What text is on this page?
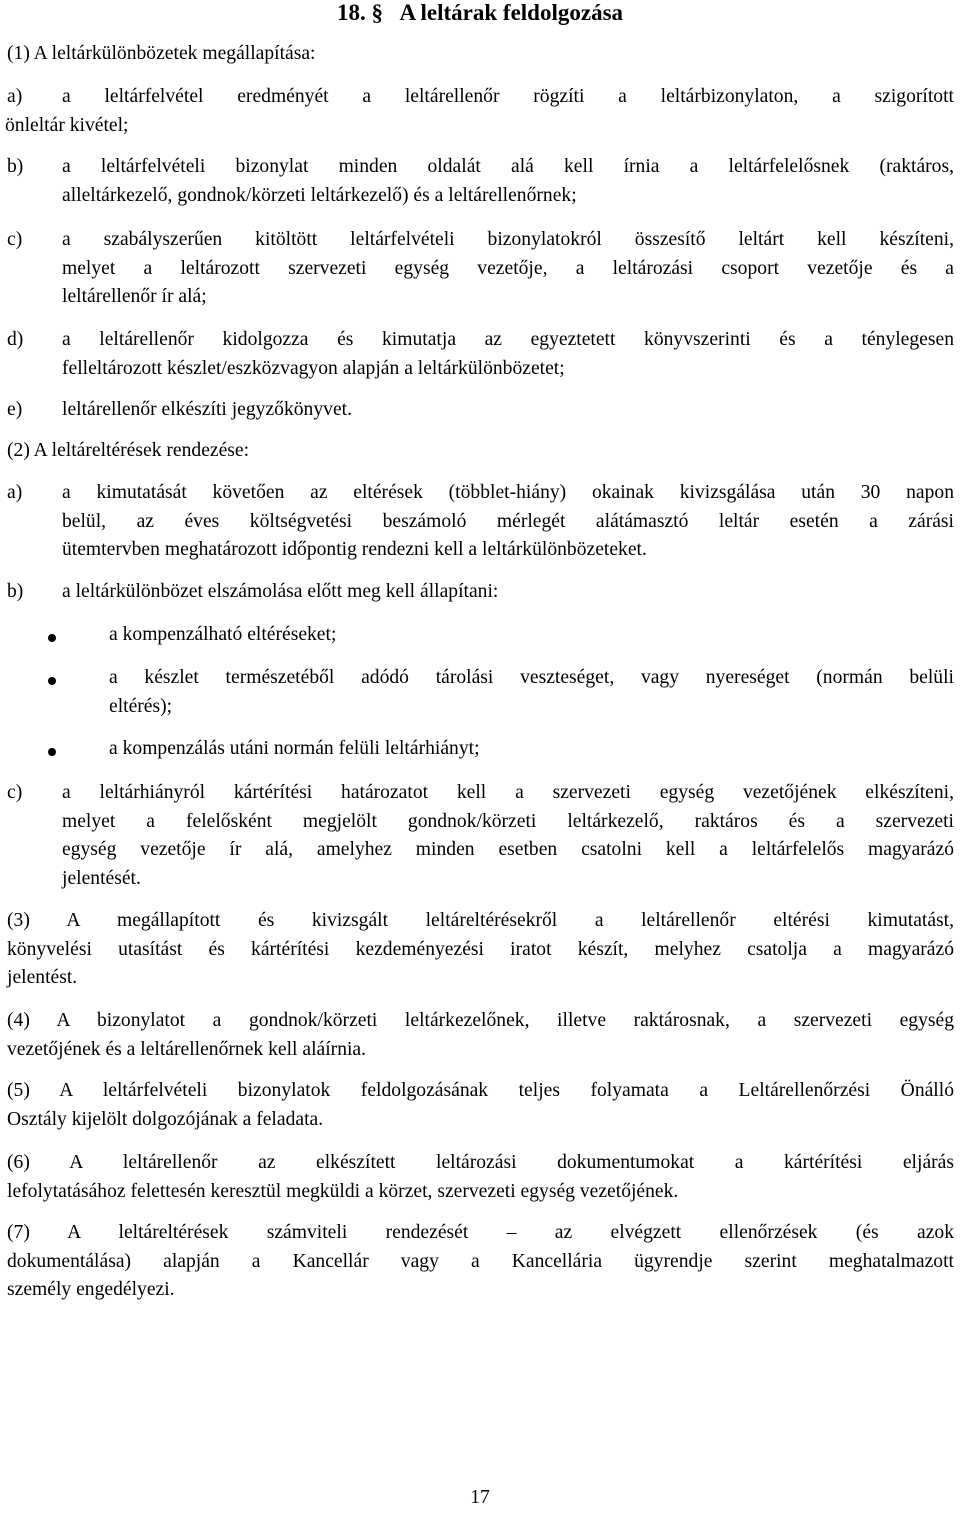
18. § A leltárak feldolgozása
(1) A leltárkülönbözetek megállapítása:
a) a leltárfelvétel eredményét a leltárellenőr rögzíti a leltárbizonylaton, a szigorított
önleltár kivétel;
b) a leltárfelvételi bizonylat minden oldalát alá kell írnia a leltárfelelősnek (raktáros,
alleltárkezelő, gondnok/körzeti leltárkezelő) és a leltárellenőrnek;
c) a szabályszerűen kitöltött leltárfelvételi bizonylatokról összesítő leltárt kell készíteni,
melyet a leltározott szervezeti egység vezetője, a leltározási csoport vezetője és a
leltárellenőr ír alá;
d) a leltárellenőr kidolgozza és kimutatja az egyeztetett könyvszerinti és a ténylegesen
felleltározott készlet/eszközvagyon alapján a leltárkülönbözetet;
e) leltárellenőr elkészíti jegyzőkönyvet.
(2) A leltáreltérések rendezése:
a) a kimutatását követően az eltérések (többlet-hiány) okainak kivizsgálása után 30 napon
belül, az éves költségvetési beszámoló mérlegét alátámasztó leltár esetén a zárási
ütemtervben meghatározott időpontig rendezni kell a leltárkülönbözeteket.
b) a leltárkülönbözet elszámolása előtt meg kell állapítani:
a kompenzálható eltéréseket;
a készlet természetéből adódó tárolási veszteséget, vagy nyereséget (normán belüli
eltérés);
a kompenzálás utáni normán felüli leltárhiányt;
c) a leltárhiányról kártérítési határozatot kell a szervezeti egység vezetőjének elkészíteni,
melyet a felelősként megjelölt gondnok/körzeti leltárkezelő, raktáros és a szervezeti
egység vezetője ír alá, amelyhez minden esetben csatolni kell a leltárfelelős magyarázó
jelentését.
(3) A megállapított és kivizsgált leltáreltérésekről a leltárellenőr eltérési kimutatást,
könyvelési utasítást és kártérítési kezdeményezési iratot készít, melyhez csatolja a magyarázó
jelentést.
(4) A bizonylatot a gondnok/körzeti leltárkezelőnek, illetve raktárosnak, a szervezeti egység
vezetőjének és a leltárellenőrnek kell aláírnia.
(5) A leltárfelvételi bizonylatok feldolgozásának teljes folyamata a Leltárellenőrzési Önálló
Osztály kijelölt dolgozójának a feladata.
(6) A leltárellenőr az elkészített leltározási dokumentumokat a kártérítési eljárás
lefolytatásához felettesén keresztül megküldi a körzet, szervezeti egység vezetőjének.
(7) A leltáreltérések számviteli rendezését – az elvégzett ellenőrzések (és azok
dokumentálása) alapján a Kancellár vagy a Kancellária ügyrendje szerint meghatalmazott
személy engedélyezi.
17
